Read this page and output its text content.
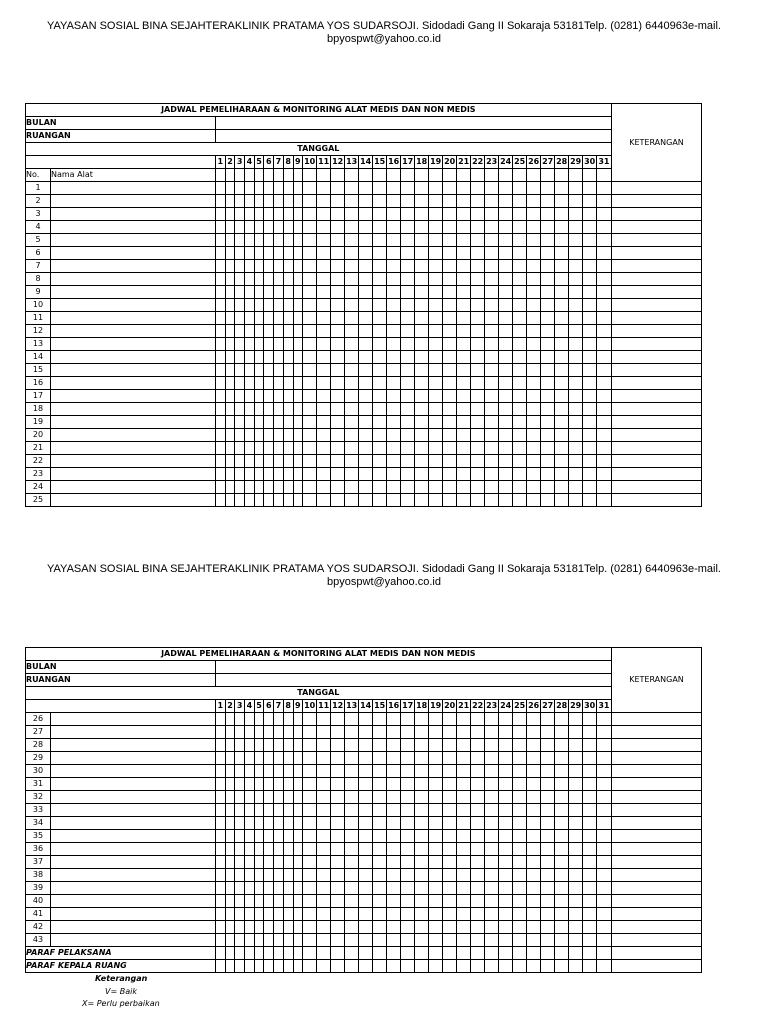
YAYASAN SOSIAL BINA SEJAHTERAKLINIK PRATAMA YOS SUDARSOJI. Sidodadi Gang II Sokaraja 53181Telp. (0281) 6440963e-mail.
bpyospwt@yahoo.co.id
JADWAL PEMELIHARAAN & MONITORING ALAT MEDIS DAN NON MEDIS																																	KETERANGAN
BULAN																																	
RUANGAN																																	
TANGGAL																																	
		1	2	3	4	5	6	7	8	9	10	11	12	13	14	15	16	17	18	19	20	21	22	23	24	25	26	27	28	29	30	31	
No.	Nama Alat																																
1																																	
2																																	
3																																	
4																																	
5																																	
6																																	
7																																	
8																																	
9																																	
10																																	
11																																	
12																																	
13																																	
14																																	
15																																	
16																																	
17																																	
18																																	
19																																	
20																																	
21																																	
22																																	
23																																	
24																																	
25																																	
YAYASAN SOSIAL BINA SEJAHTERAKLINIK PRATAMA YOS SUDARSOJI. Sidodadi Gang II Sokaraja 53181Telp. (0281) 6440963e-mail.
bpyospwt@yahoo.co.id
JADWAL PEMELIHARAAN & MONITORING ALAT MEDIS DAN NON MEDIS																																	KETERANGAN
BULAN																																	
RUANGAN																																	
TANGGAL																																	
		1	2	3	4	5	6	7	8	9	10	11	12	13	14	15	16	17	18	19	20	21	22	23	24	25	26	27	28	29	30	31	
26																																	
27																																	
28																																	
29																																	
30																																	
31																																	
32																																	
33																																	
34																																	
35																																	
36																																	
37																																	
38																																	
39																																	
40																																	
41																																	
42																																	
43																																	
PARAF PELAKSANA																																	
PARAF KEPALA RUANG																																	
Keterangan
V= Baik
X= Perlu perbaikan
